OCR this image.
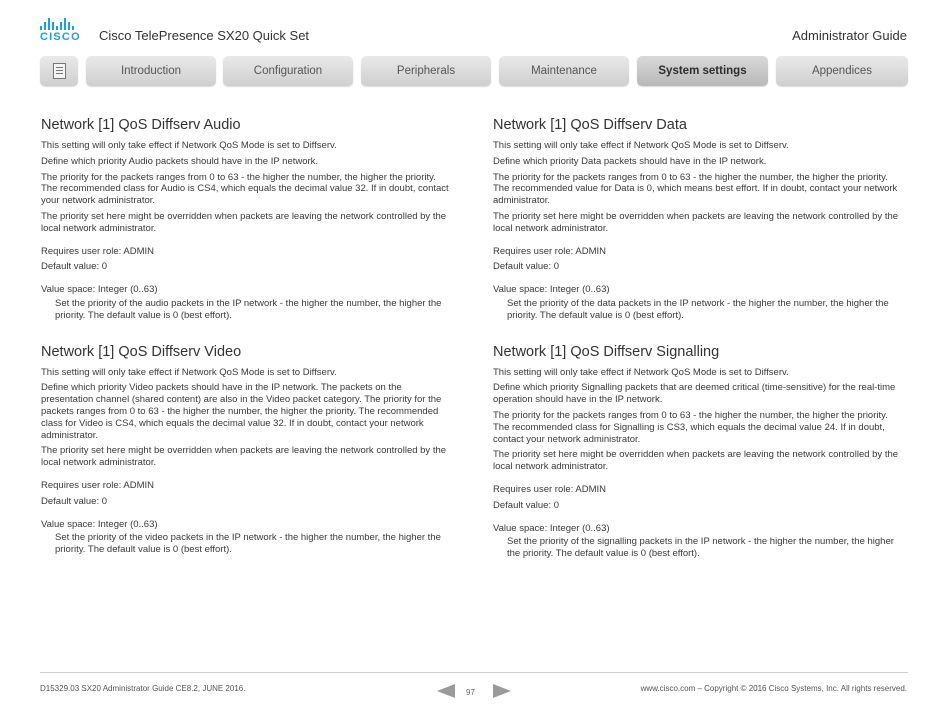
CISCO Cisco TelePresence SX20 Quick Set	Administrator Guide
Introduction	Configuration	Peripherals	Maintenance	System settings	Appendices
Network [1] QoS Diffserv Audio

This setting will only take effect if Network QoS Mode is set to Diffserv.

Define which priority Audio packets should have in the IP network.

The priority for the packets ranges from 0 to 63 - the higher the number, the higher the priority. The recommended class for Audio is CS4, which equals the decimal value 32. If in doubt, contact your network administrator.

The priority set here might be overridden when packets are leaving the network controlled by the local network administrator.

Requires user role: ADMIN

Default value: 0

Value space: Integer (0..63)

Set the priority of the audio packets in the IP network - the higher the number, the higher the priority. The default value is 0 (best effort).

Network [1] QoS Diffserv Video

This setting will only take effect if Network QoS Mode is set to Diffserv.

Define which priority Video packets should have in the IP network. The packets on the presentation channel (shared content) are also in the Video packet category. The priority for the packets ranges from 0 to 63 - the higher the number, the higher the priority. The recommended class for Video is CS4, which equals the decimal value 32. If in doubt, contact your network administrator.

The priority set here might be overridden when packets are leaving the network controlled by the local network administrator.

Requires user role: ADMIN

Default value: 0

Value space: Integer (0..63)

Set the priority of the video packets in the IP network - the higher the number, the higher the priority. The default value is 0 (best effort).

Network [1] QoS Diffserv Data

This setting will only take effect if Network QoS Mode is set to Diffserv.

Define which priority Data packets should have in the IP network.

The priority for the packets ranges from 0 to 63 - the higher the number, the higher the priority. The recommended value for Data is 0, which means best effort. If in doubt, contact your network administrator.

The priority set here might be overridden when packets are leaving the network controlled by the local network administrator.

Requires user role: ADMIN

Default value: 0

Value space: Integer (0..63)

Set the priority of the data packets in the IP network - the higher the number, the higher the priority. The default value is 0 (best effort).

Network [1] QoS Diffserv Signalling

This setting will only take effect if Network QoS Mode is set to Diffserv.

Define which priority Signalling packets that are deemed critical (time-sensitive) for the real-time operation should have in the IP network.

The priority for the packets ranges from 0 to 63 - the higher the number, the higher the priority. The recommended class for Signalling is CS3, which equals the decimal value 24. If in doubt, contact your network administrator.

The priority set here might be overridden when packets are leaving the network controlled by the local network administrator.

Requires user role: ADMIN

Default value: 0

Value space: Integer (0..63)

Set the priority of the signalling packets in the IP network - the higher the number, the higher the priority. The default value is 0 (best effort).

D15329.03 SX20 Administrator Guide CE8.2, JUNE 2016.	97	www.cisco.com – Copyright © 2016 Cisco Systems, Inc. All rights reserved.
